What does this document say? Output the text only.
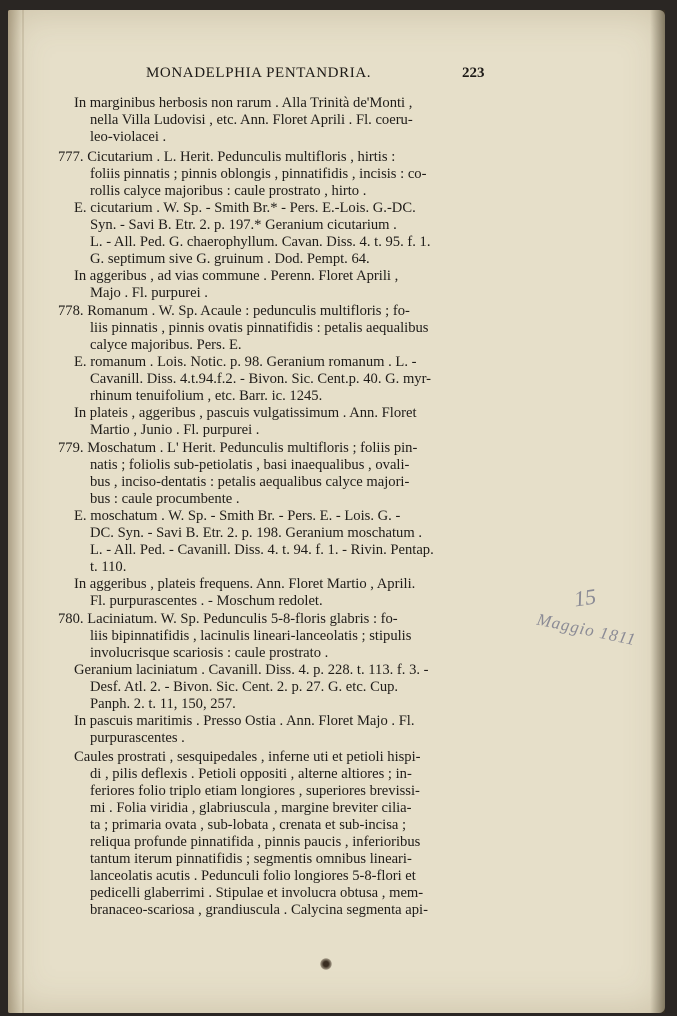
MONADELPHIA PENTANDRIA.	223
In marginibus herbosis non rarum . Alla Trinità de'Monti ,
nella Villa Ludovisi , etc. Ann. Floret Aprili . Fl. coeru-
leo-violacei .
777. Cicutarium . L. Herit. Pedunculis multifloris , hirtis :
foliis pinnatis ; pinnis oblongis , pinnatifidis , incisis : co-
rollis calyce majoribus : caule prostrato , hirto .
E. cicutarium . W. Sp. - Smith Br.* - Pers. E.-Lois. G.-DC.
Syn. - Savi B. Etr. 2. p. 197.* Geranium cicutarium .
L. - All. Ped. G. chaerophyllum. Cavan. Diss. 4. t. 95. f. 1.
G. septimum sive G. gruinum . Dod. Pempt. 64.
In aggeribus , ad vias commune . Perenn. Floret Aprili ,
Majo . Fl. purpurei .
778. Romanum . W. Sp. Acaule : pedunculis multifloris ; fo-
liis pinnatis , pinnis ovatis pinnatifidis : petalis aequalibus
calyce majoribus. Pers. E.
E. romanum . Lois. Notic. p. 98. Geranium romanum . L. -
Cavanill. Diss. 4.t.94.f.2. - Bivon. Sic. Cent.p. 40. G. myr-
rhinum tenuifolium , etc. Barr. ic. 1245.
In plateis , aggeribus , pascuis vulgatissimum . Ann. Floret
Martio , Junio . Fl. purpurei .
779. Moschatum . L' Herit. Pedunculis multifloris ; foliis pin-
natis ; foliolis sub-petiolatis , basi inaequalibus , ovali-
bus , inciso-dentatis : petalis aequalibus calyce majori-
bus : caule procumbente .
E. moschatum . W. Sp. - Smith Br. - Pers. E. - Lois. G. -
DC. Syn. - Savi B. Etr. 2. p. 198. Geranium moschatum .
L. - All. Ped. - Cavanill. Diss. 4. t. 94. f. 1. - Rivin. Pentap.
t. 110.
In aggeribus , plateis frequens. Ann. Floret Martio , Aprili.
Fl. purpurascentes . - Moschum redolet.
780. Laciniatum. W. Sp. Pedunculis 5-8-floris glabris : fo-
liis bipinnatifidis , lacinulis lineari-lanceolatis ; stipulis
involucrisque scariosis : caule prostrato .
Geranium laciniatum . Cavanill. Diss. 4. p. 228. t. 113. f. 3. -
Desf. Atl. 2. - Bivon. Sic. Cent. 2. p. 27. G. etc. Cup.
Panph. 2. t. 11, 150, 257.
In pascuis maritimis . Presso Ostia . Ann. Floret Majo . Fl.
purpurascentes .
Caules prostrati , sesquipedales , inferne uti et petioli hispi-
di , pilis deflexis . Petioli oppositi , alterne altiores ; in-
feriores folio triplo etiam longiores , superiores brevissi-
mi . Folia viridia , glabriuscula , margine breviter cilia-
ta ; primaria ovata , sub-lobata , crenata et sub-incisa ;
reliqua profunde pinnatifida , pinnis paucis , inferioribus
tantum iterum pinnatifidis ; segmentis omnibus lineari-
lanceolatis acutis . Pedunculi folio longiores 5-8-flori et
pedicelli glaberrimi . Stipulae et involucra obtusa , mem-
branaceo-scariosa , grandiuscula . Calycina segmenta api-
15
Maggio 1811
